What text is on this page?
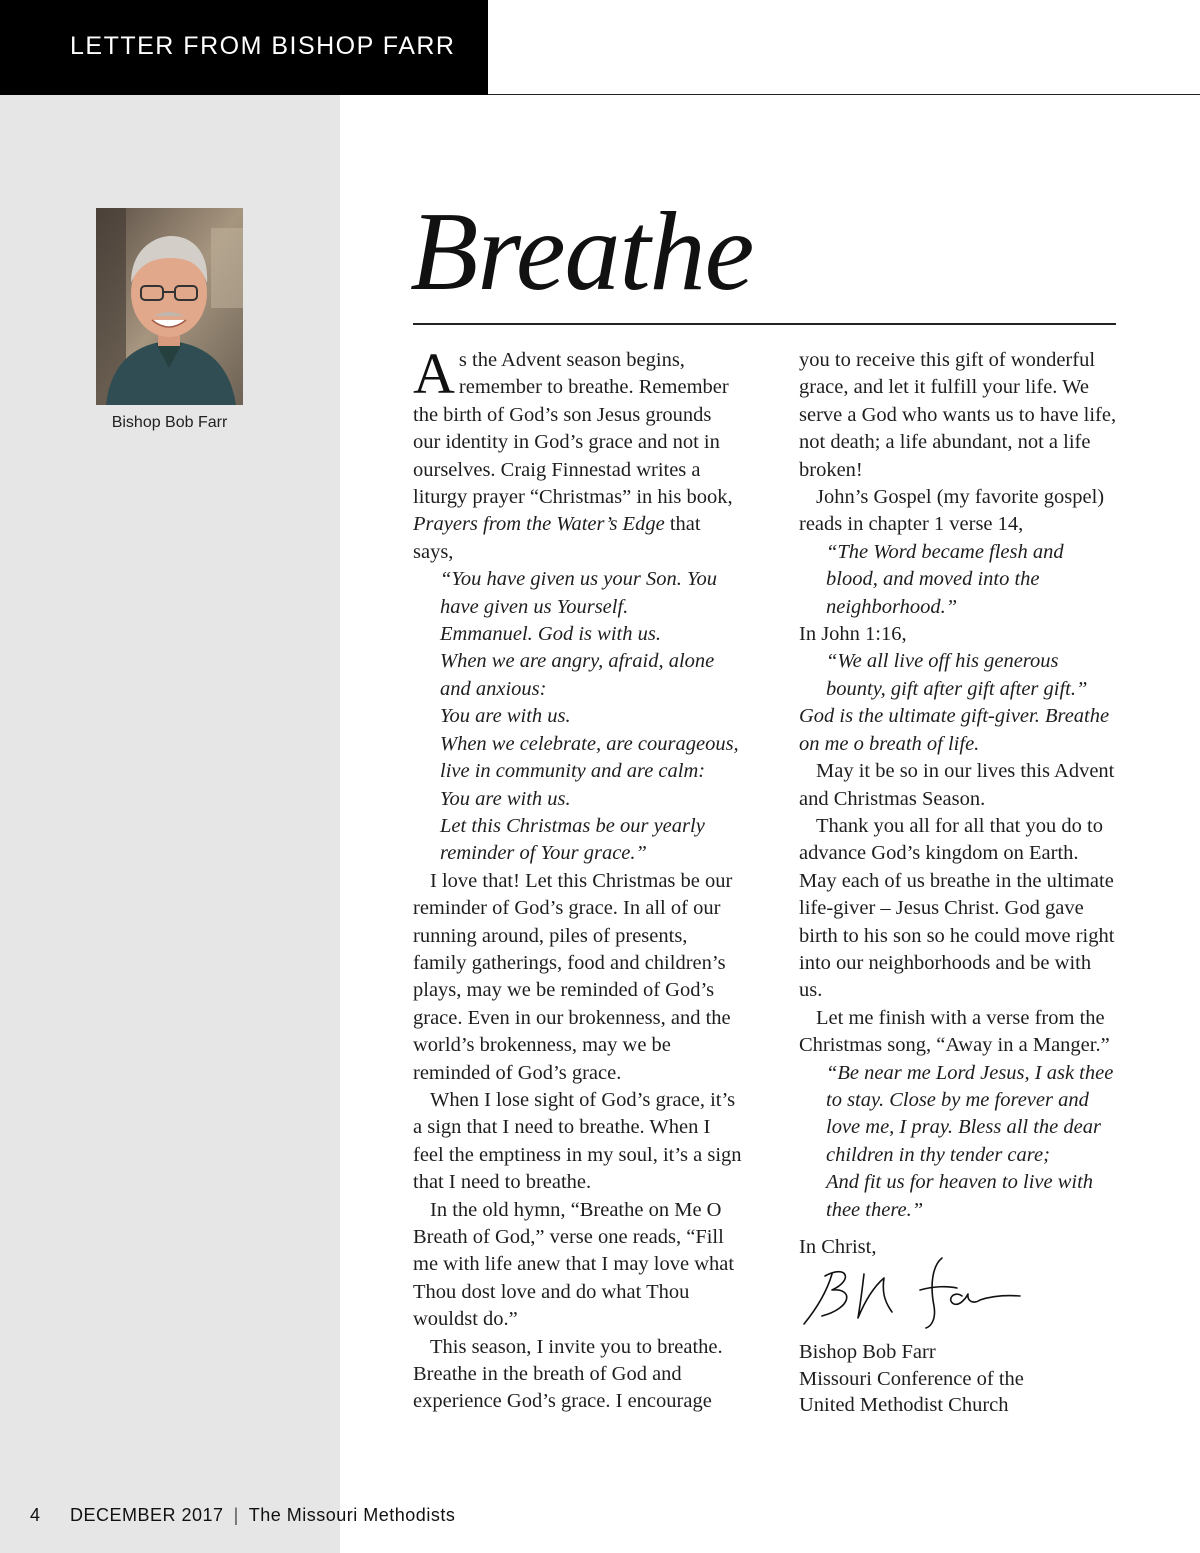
LETTER FROM BISHOP FARR
Bishop Bob Farr
Breathe

As the Advent season begins, remember to breathe. Remember the birth of God’s son Jesus grounds our identity in God’s grace and not in ourselves. Craig Finnestad writes a liturgy prayer “Christmas” in his book, Prayers from the Water’s Edge that says,

“You have given us your Son. You have given us Yourself.

Emmanuel. God is with us.

When we are angry, afraid, alone and anxious:

You are with us.

When we celebrate, are courageous, live in community and are calm:

You are with us.

Let this Christmas be our yearly reminder of Your grace.”

I love that! Let this Christmas be our reminder of God’s grace. In all of our running around, piles of presents, family gatherings, food and children’s plays, may we be reminded of God’s grace. Even in our brokenness, and the world’s brokenness, may we be reminded of God’s grace.

When I lose sight of God’s grace, it’s a sign that I need to breathe. When I feel the emptiness in my soul, it’s a sign that I need to breathe.

In the old hymn, “Breathe on Me O Breath of God,” verse one reads, “Fill me with life anew that I may love what Thou dost love and do what Thou wouldst do.”

This season, I invite you to breathe. Breathe in the breath of God and experience God’s grace. I encourage

you to receive this gift of wonderful grace, and let it fulfill your life. We serve a God who wants us to have life, not death; a life abundant, not a life broken!

John’s Gospel (my favorite gospel) reads in chapter 1 verse 14,

“The Word became flesh and blood, and moved into the neighborhood.”

In John 1:16,

“We all live off his generous bounty, gift after gift after gift.”

God is the ultimate gift-giver. Breathe on me o breath of life.

May it be so in our lives this Advent and Christmas Season.

Thank you all for all that you do to advance God’s kingdom on Earth. May each of us breathe in the ultimate life-giver – Jesus Christ. God gave birth to his son so he could move right into our neighborhoods and be with us.

Let me finish with a verse from the Christmas song, “Away in a Manger.”

“Be near me Lord Jesus, I ask thee to stay. Close by me forever and love me, I pray. Bless all the dear children in thy tender care;

And fit us for heaven to live with thee there.”

In Christ,
Bishop Bob Farr
Missouri Conference of the
United Methodist Church
4 DECEMBER 2017 | The Missouri Methodists
